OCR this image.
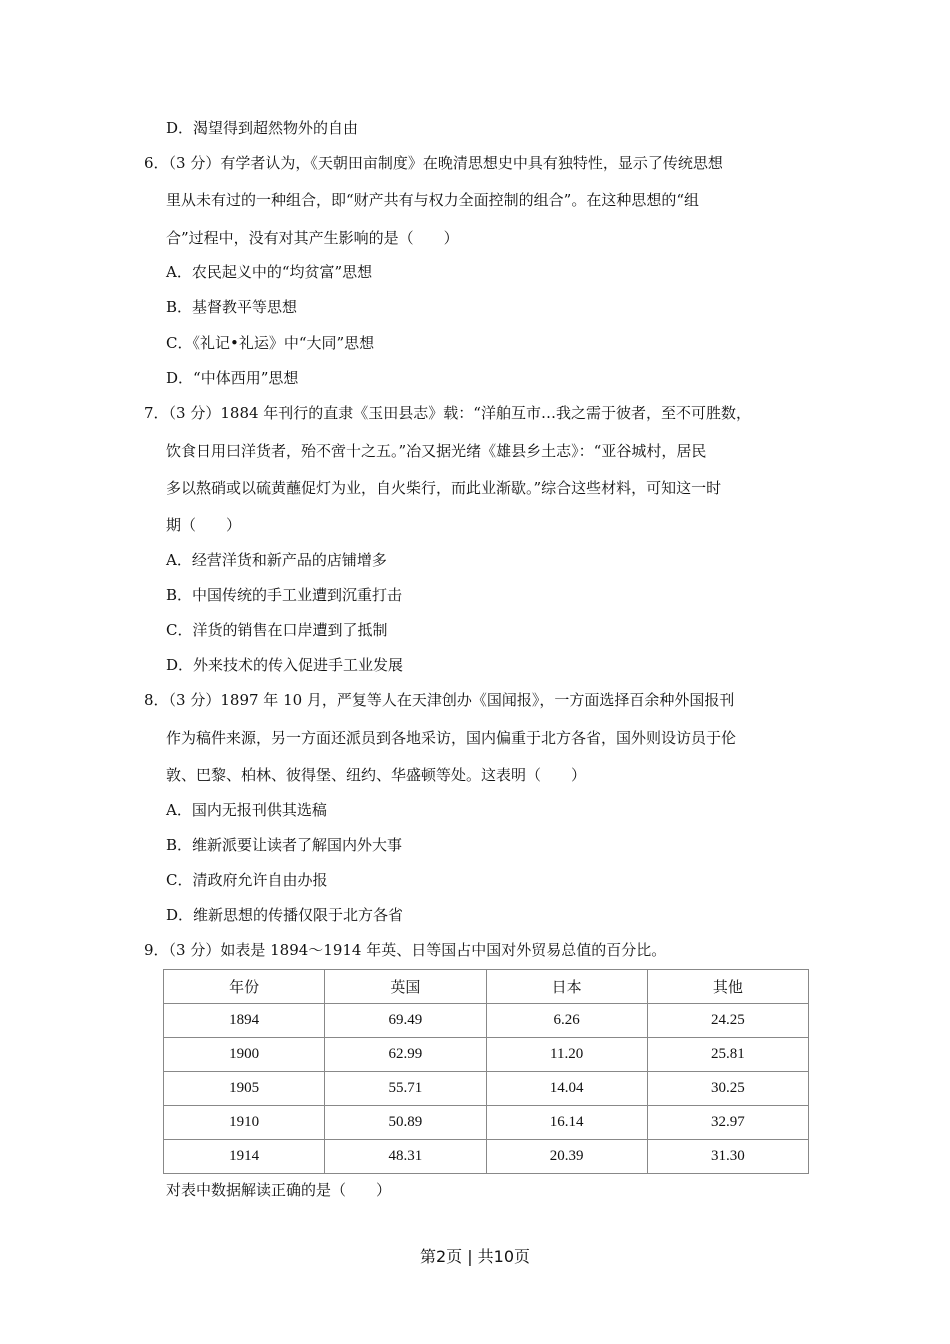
D．渴望得到超然物外的自由
6．（3 分）有学者认为，《天朝田亩制度》在晚清思想史中具有独特性，显示了传统思想
里从未有过的一种组合，即“财产共有与权力全面控制的组合”。在这种思想的“组
合”过程中，没有对其产生影响的是（　　）
A．农民起义中的“均贫富”思想
B．基督教平等思想
C．《礼记•礼运》中“大同”思想
D．“中体西用”思想
7．（3 分）1884 年刊行的直隶《玉田县志》载：“洋舶互市…我之需于彼者，至不可胜数，
饮食日用曰洋货者，殆不啻十之五。”冶又据光绪《雄县乡土志》：“亚谷城村，居民
多以熬硝或以硫黄蘸促灯为业，自火柴行，而此业渐歇。”综合这些材料，可知这一时
期（　　）
A．经营洋货和新产品的店铺增多
B．中国传统的手工业遭到沉重打击
C．洋货的销售在口岸遭到了抵制
D．外来技术的传入促进手工业发展
8．（3 分）1897 年 10 月，严复等人在天津创办《国闻报》，一方面选择百余种外国报刊
作为稿件来源，另一方面还派员到各地采访，国内偏重于北方各省，国外则设访员于伦
敦、巴黎、柏林、彼得堡、纽约、华盛顿等处。这表明（　　）
A．国内无报刊供其选稿
B．维新派要让读者了解国内外大事
C．清政府允许自由办报
D．维新思想的传播仅限于北方各省
9．（3 分）如表是 1894～1914 年英、日等国占中国对外贸易总值的百分比。
年份	英国	日本	其他
1894	69.49	6.26	24.25
1900	62.99	11.20	25.81
1905	55.71	14.04	30.25
1910	50.89	16.14	32.97
1914	48.31	20.39	31.30
对表中数据解读正确的是（　　）
第2页 | 共10页
